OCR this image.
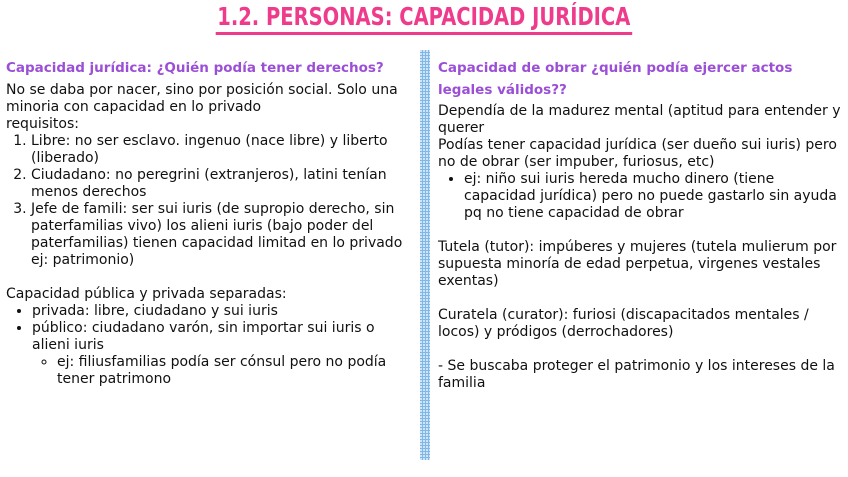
1.2. PERSONAS: CAPACIDAD JURÍDICA
Capacidad jurídica: ¿Quién podía tener derechos?

No se daba por nacer, sino por posición social. Solo una minoria con capacidad en lo privado

requisitos:

1. Libre: no ser esclavo. ingenuo (nace libre) y liberto (liberado)
2. Ciudadano: no peregrini (extranjeros), latini tenían menos derechos
3. Jefe de famili: ser sui iuris (de supropio derecho, sin paterfamilias vivo) los alieni iuris (bajo poder del paterfamilias) tienen capacidad limitad en lo privado ej: patrimonio)

Capacidad pública y privada separadas:

• privada: libre, ciudadano y sui iuris
• público: ciudadano varón, sin importar sui iuris o alieni iuris
◦ ej: filiusfamilias podía ser cónsul pero no podía tener patrimono
Capacidad de obrar ¿quién podía ejercer actos legales válidos??

Dependía de la madurez mental (aptitud para entender y querer

Podías tener capacidad jurídica (ser dueño sui iuris) pero no de obrar (ser impuber, furiosus, etc)

• ej: niño sui iuris hereda mucho dinero (tiene capacidad jurídica) pero no puede gastarlo sin ayuda pq no tiene capacidad de obrar

Tutela (tutor): impúberes y mujeres (tutela mulierum por supuesta minoría de edad perpetua, virgenes vestales exentas)

Curatela (curator): furiosi (discapacitados mentales / locos) y pródigos (derrochadores)

- Se buscaba proteger el patrimonio y los intereses de la familia
